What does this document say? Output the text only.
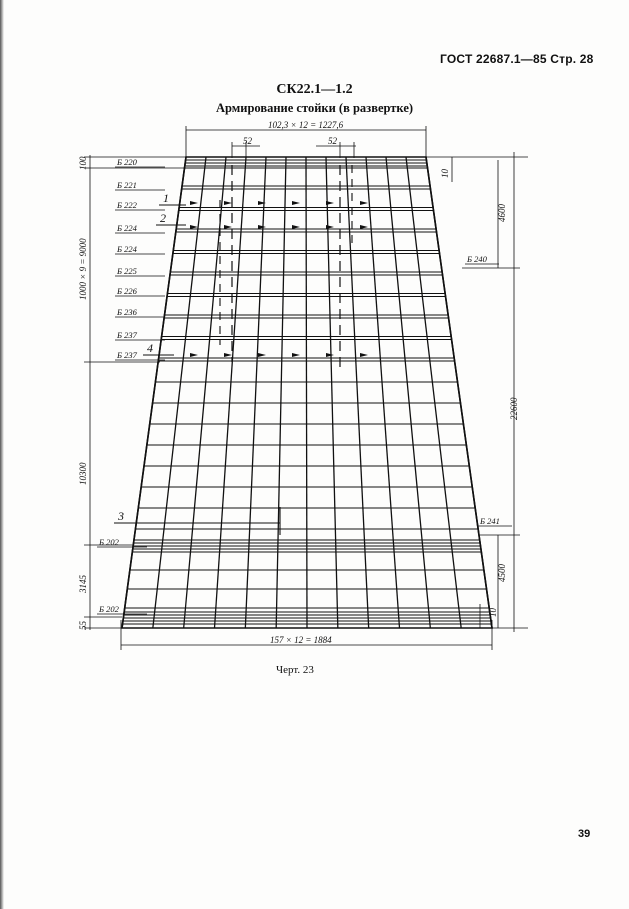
ГОСТ 22687.1—85 Стр. 28
СК22.1—1.2
Армирование стойки (в развертке)
102,3 × 12 = 1227,6
52	52
157 × 12 = 1884
100
1000 × 9 = 9000
10300
3145
55
10
4600
22600
4500
10
Б 220
Б 221
Б 222
Б 224
Б 224
Б 225
Б 226
Б 236
Б 237
Б 237
Б 202
Б 202
Б 240
Б 241
1
2
4
3
Черт. 23
39
